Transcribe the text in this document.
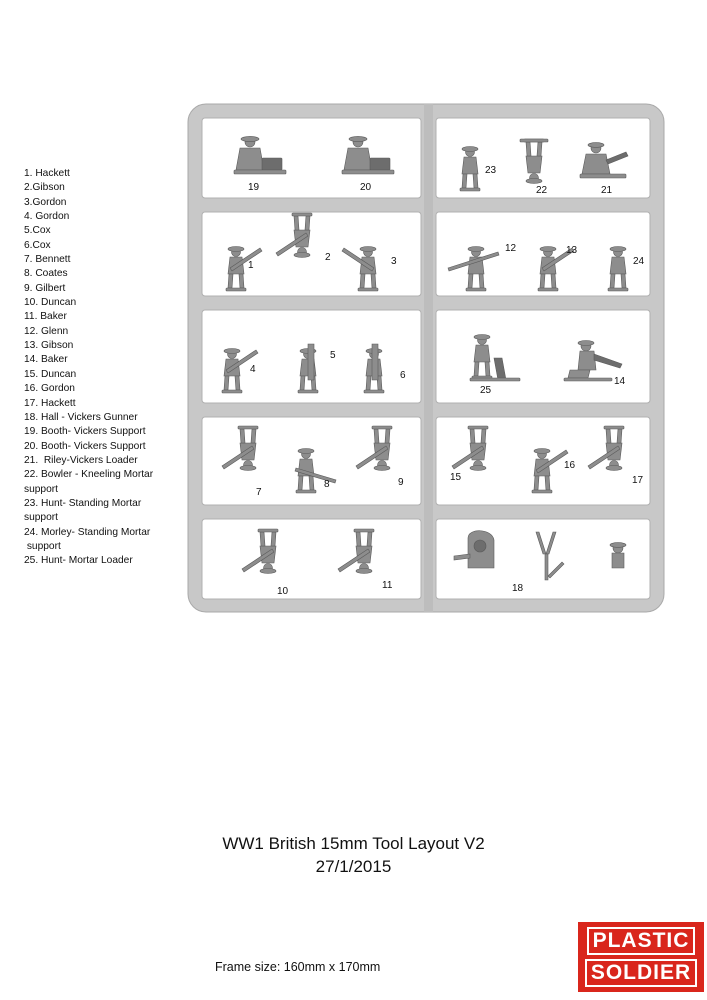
1. Hackett
2.Gibson
3.Gordon
4. Gordon
5.Cox
6.Cox
7. Bennett
8. Coates
9. Gilbert
10. Duncan
11. Baker
12. Glenn
13. Gibson
14. Baker
15. Duncan
16. Gordon
17. Hackett
18. Hall - Vickers Gunner
19. Booth- Vickers Support
20. Booth- Vickers Support
21.  Riley-Vickers Loader
22. Bowler - Kneeling Mortar
support
23. Hunt- Standing Mortar
support
24. Morley- Standing Mortar
support
25. Hunt- Mortar Loader
19	20
23
22	21
1
2	3
12	13
24
4
5
6
25
14
7
8	9	15
16
17
10
11	18
WW1 British 15mm Tool Layout V2
27/1/2015
Frame size: 160mm x 170mm
PLASTIC
SOLDIER
